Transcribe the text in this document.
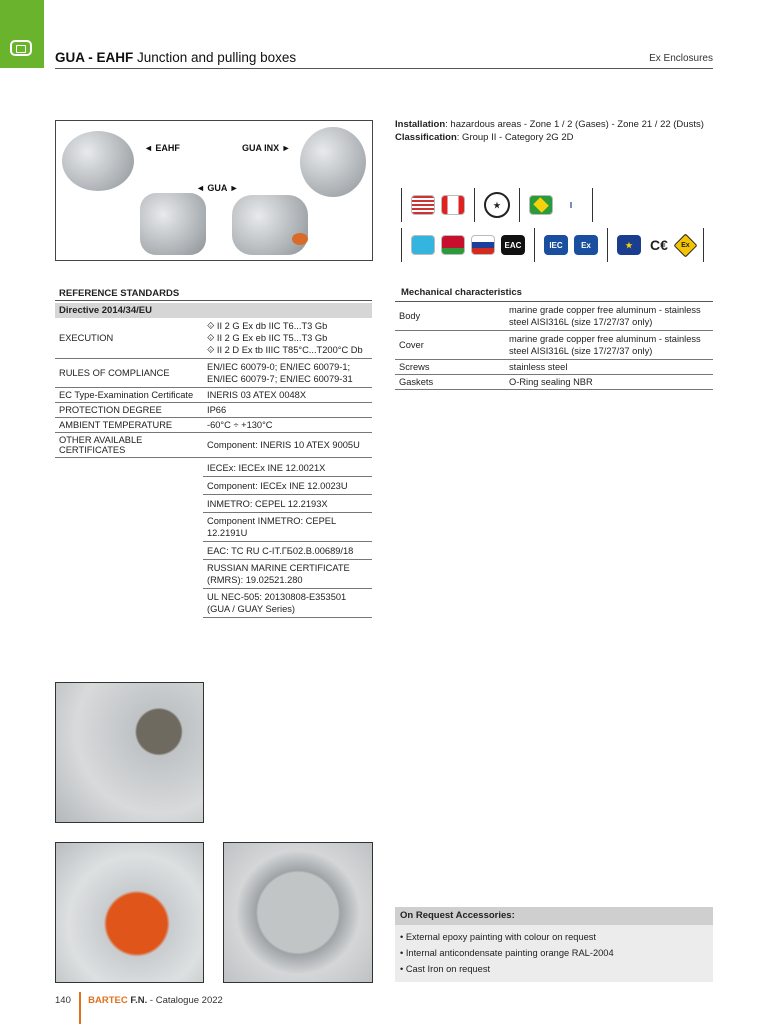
GUA - EAHF Junction and pulling boxes	Ex Enclosures
◄ EAHF	GUA INX ►
◄ GUA ►
Installation: hazardous areas - Zone 1 / 2 (Gases) - Zone 21 / 22 (Dusts)
Classification: Group II - Category 2G 2D
★	I
EAC	IEC	Ex	★	C€	Ex
REFERENCE STANDARDS
Directive 2014/34/EU
EXECUTION	⟐ II 2 G Ex db IIC T6...T3 Gb
⟐ II 2 G Ex eb IIC T5...T3 Gb
⟐ II 2 D Ex tb IIIC T85°C...T200°C Db
RULES OF COMPLIANCE	EN/IEC 60079-0; EN/IEC 60079-1;
EN/IEC 60079-7; EN/IEC 60079-31
EC Type-Examination Certificate	INERIS 03 ATEX 0048X
PROTECTION DEGREE	IP66
AMBIENT TEMPERATURE	-60°C ÷ +130°C
OTHER AVAILABLE CERTIFICATES	Component: INERIS 10 ATEX 9005U
IECEx: IECEx INE 12.0021X
Component: IECEx INE 12.0023U
INMETRO: CEPEL 12.2193X
Component INMETRO: CEPEL
12.2191U
EAC: TC RU C-IT.ГБ02.B.00689/18
RUSSIAN MARINE CERTIFICATE
(RMRS): 19.02521.280
UL NEC-505: 20130808-E353501
(GUA / GUAY Series)
Mechanical characteristics
Body	marine grade copper free aluminum - stainless
steel AISI316L (size 17/27/37 only)
Cover	marine grade copper free aluminum - stainless
steel AISI316L (size 17/27/37 only)
Screws	stainless steel
Gaskets	O-Ring sealing NBR
On Request Accessories:
• External epoxy painting with colour on request
• Internal anticondensate painting orange RAL-2004
• Cast Iron on request
140 BARTEC F.N. - Catalogue 2022
